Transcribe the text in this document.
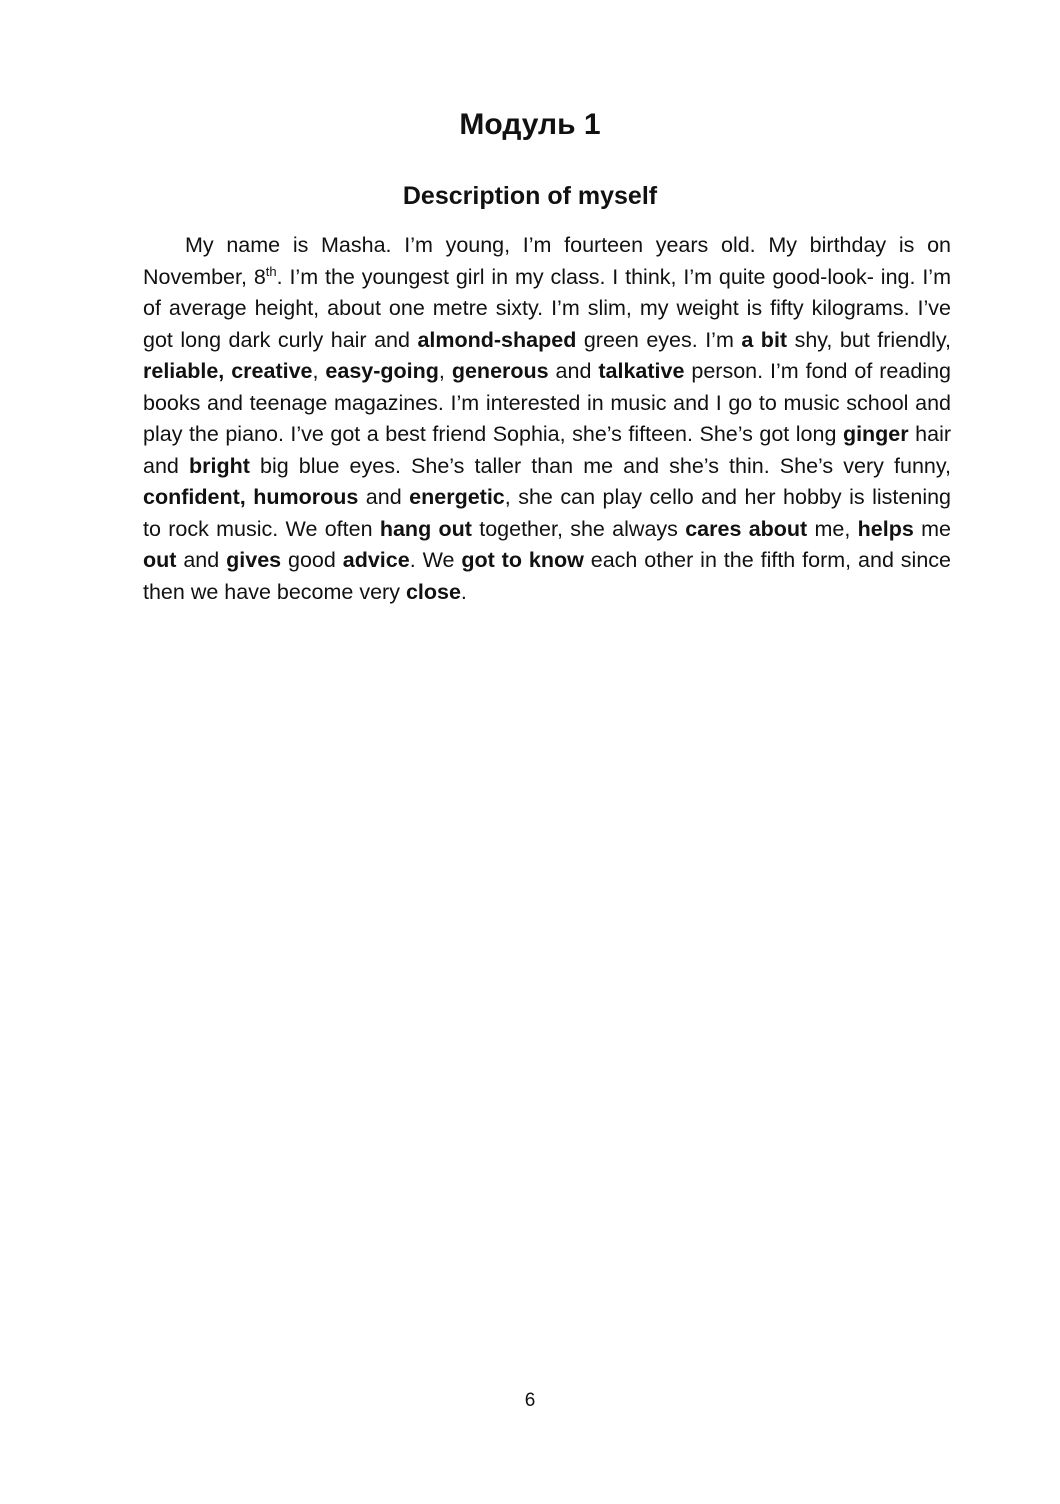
Модуль 1
Description of myself

My name is Masha. I’m young, I’m fourteen years old. My birthday is on November, 8th. I’m the youngest girl in my class. I think, I’m quite good-look- ing. I’m of average height, about one metre sixty. I’m slim, my weight is fifty kilograms. I’ve got long dark curly hair and almond-shaped green eyes. I’m a bit shy, but friendly, reliable, creative, easy-going, generous and talkative person. I’m fond of reading books and teenage magazines. I’m interested in music and I go to music school and play the piano. I’ve got a best friend Sophia, she’s fifteen. She’s got long ginger hair and bright big blue eyes. She’s taller than me and she’s thin. She’s very funny, confident, humorous and energetic, she can play cello and her hobby is listening to rock music. We often hang out together, she always cares about me, helps me out and gives good advice. We got to know each other in the fifth form, and since then we have become very close.

6
